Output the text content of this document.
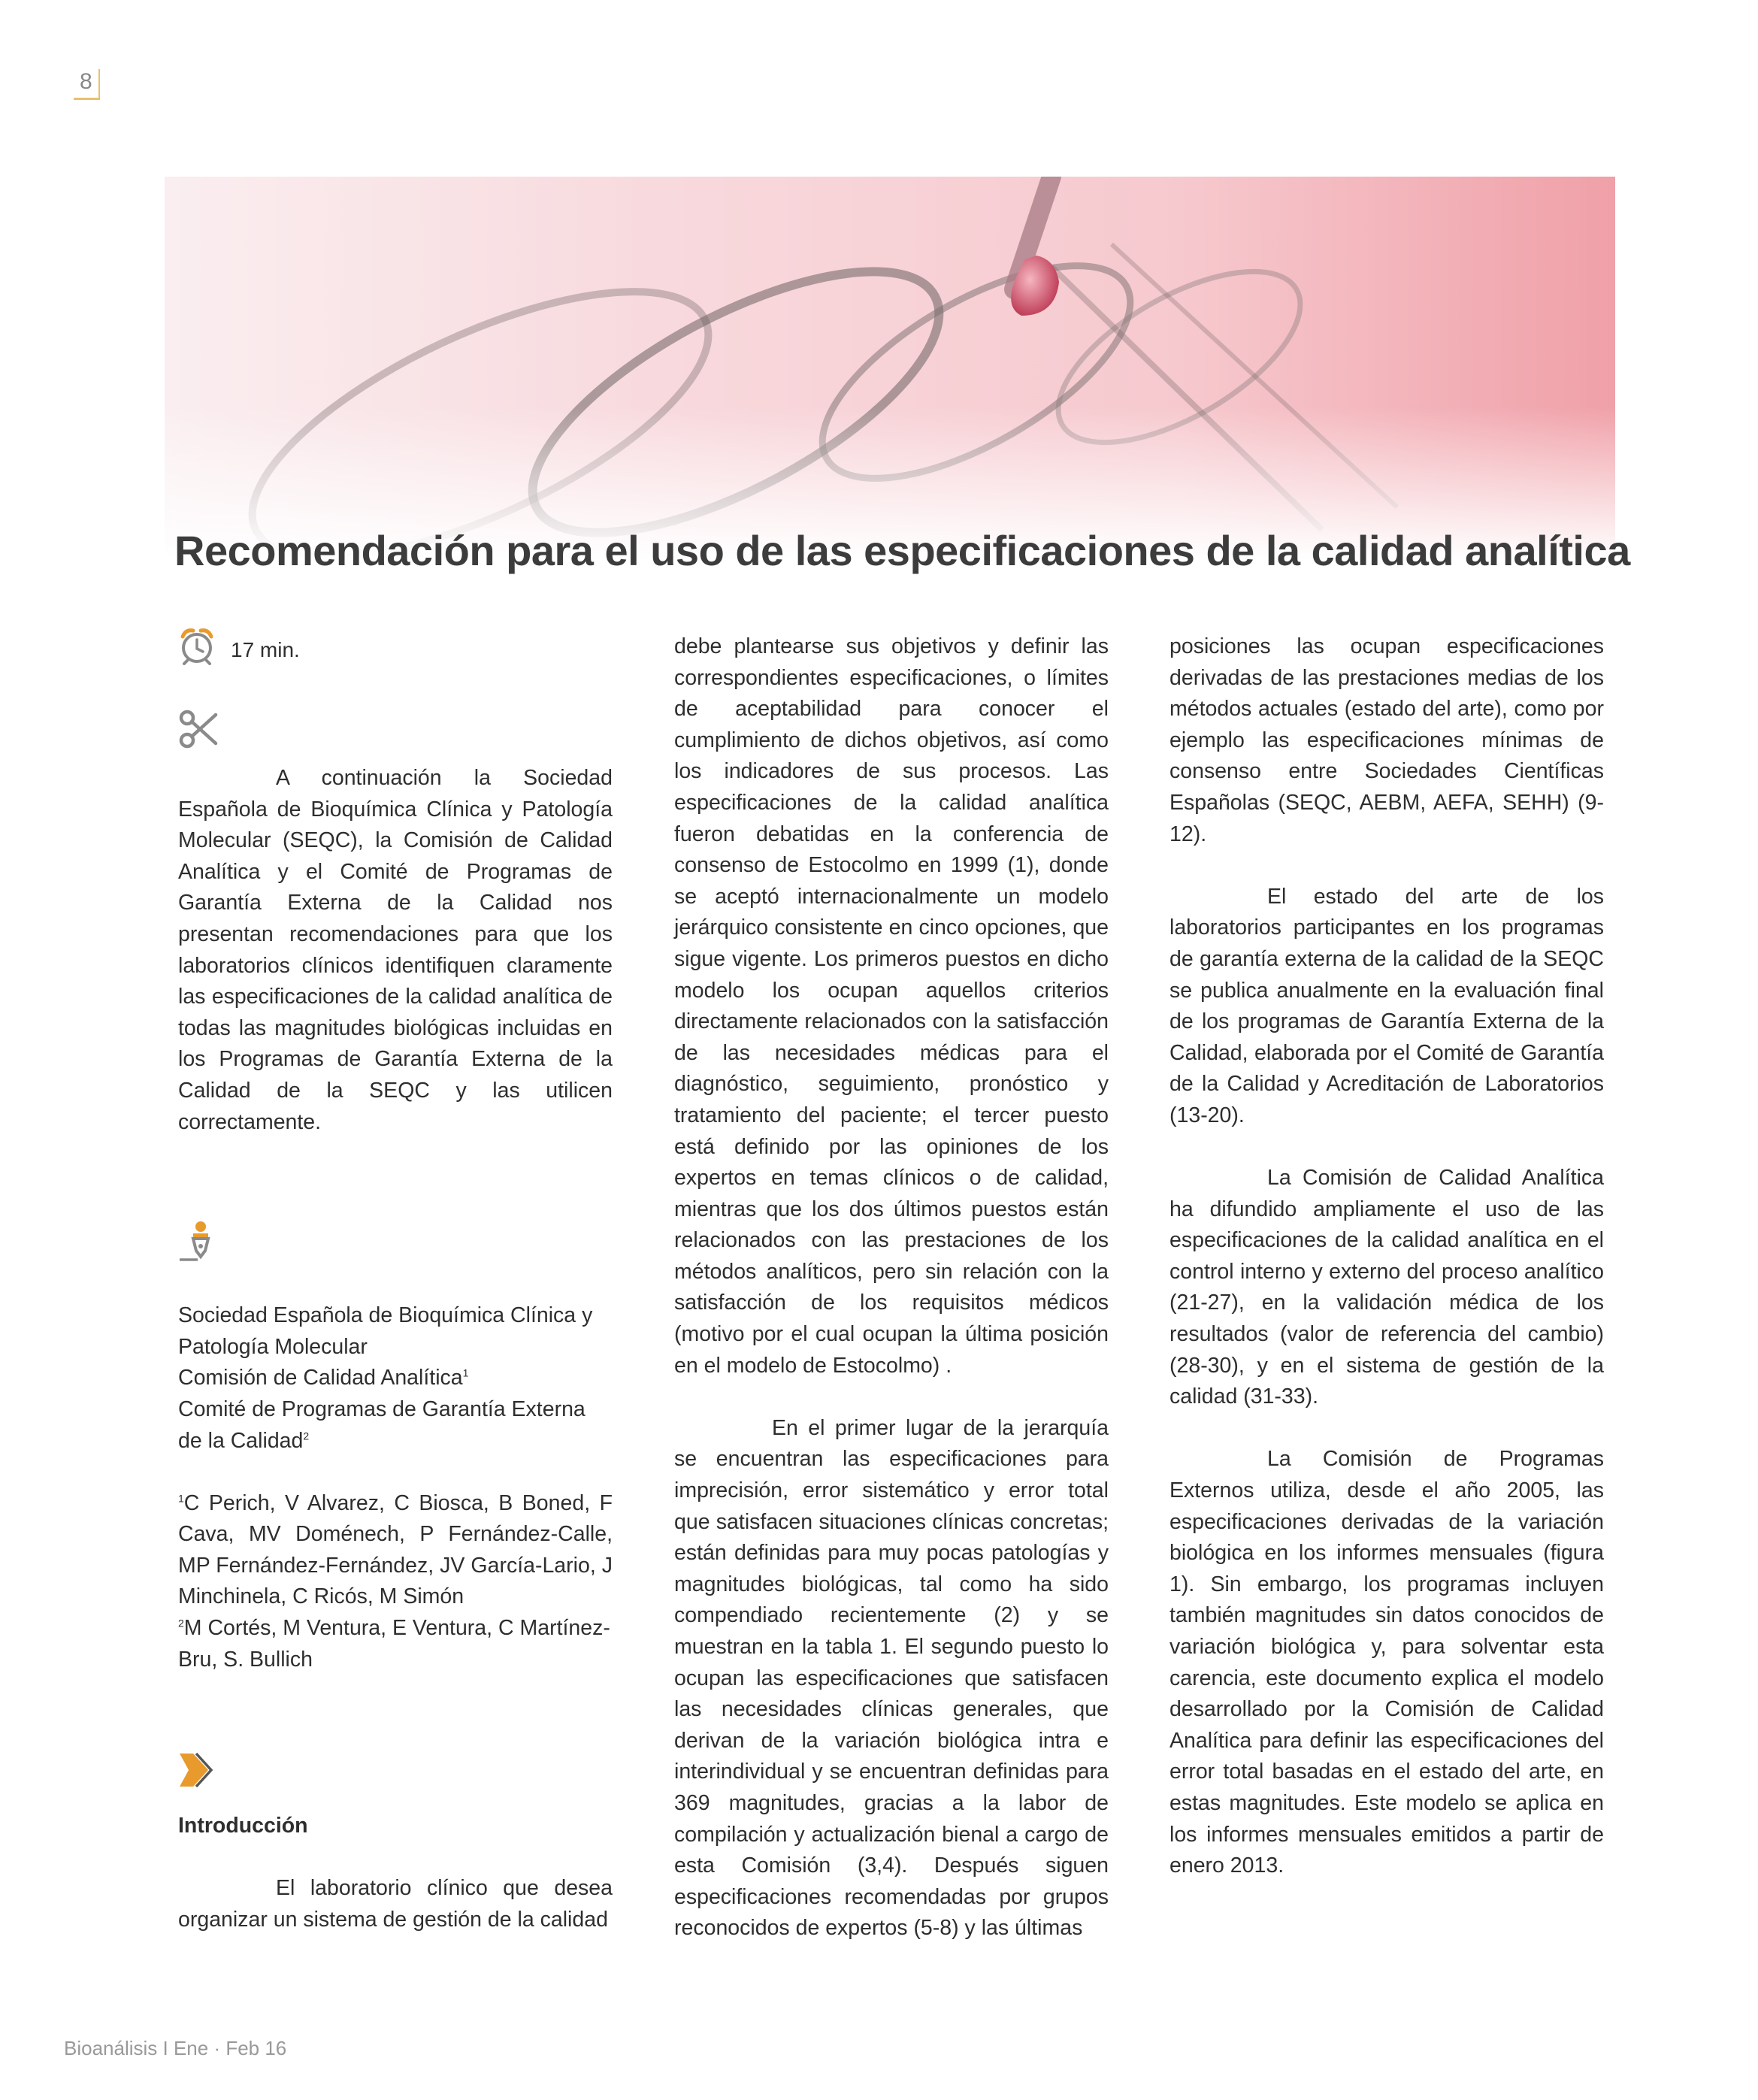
8
Recomendación para el uso de las especificaciones de la calidad analítica
17 min.

A continuación la Sociedad Española de Bioquímica Clínica y Patología Molecular (SEQC), la Comisión de Calidad Analítica y el Comité de Programas de Garantía Externa de la Calidad nos presentan recomendaciones para que los laboratorios clínicos identifiquen claramente las especificaciones de la calidad analítica de todas las magnitudes biológicas incluidas en los Programas de Garantía Externa de la Calidad de la SEQC y las utilicen correctamente.

Sociedad Española de Bioquímica Clínica y Patología Molecular

Comisión de Calidad Analítica$^1$

Comité de Programas de Garantía Externa de la Calidad$^2$

$^1$C Perich, V Alvarez, C Biosca, B Boned, F Cava, MV Doménech, P Fernández-Calle, MP Fernández-Fernández, JV García-Lario, J Minchinela, C Ricós, M Simón

$^2$M Cortés, M Ventura, E Ventura, C Martínez-Bru, S. Bullich

Introducción

El laboratorio clínico que desea organizar un sistema de gestión de la calidad

debe plantearse sus objetivos y definir las correspondientes especificaciones, o límites de aceptabilidad para conocer el cumplimiento de dichos objetivos, así como los indicadores de sus procesos. Las especificaciones de la calidad analítica fueron debatidas en la conferencia de consenso de Estocolmo en 1999 (1), donde se aceptó internacionalmente un modelo jerárquico consistente en cinco opciones, que sigue vigente. Los primeros puestos en dicho modelo los ocupan aquellos criterios directamente relacionados con la satisfacción de las necesidades médicas para el diagnóstico, seguimiento, pronóstico y tratamiento del paciente; el tercer puesto está definido por las opiniones de los expertos en temas clínicos o de calidad, mientras que los dos últimos puestos están relacionados con las prestaciones de los métodos analíticos, pero sin relación con la satisfacción de los requisitos médicos (motivo por el cual ocupan la última posición en el modelo de Estocolmo) .

En el primer lugar de la jerarquía se encuentran las especificaciones para imprecisión, error sistemático y error total que satisfacen situaciones clínicas concretas; están definidas para muy pocas patologías y magnitudes biológicas, tal como ha sido compendiado recientemente (2) y se muestran en la tabla 1. El segundo puesto lo ocupan las especificaciones que satisfacen las necesidades clínicas generales, que derivan de la variación biológica intra e interindividual y se encuentran definidas para 369 magnitudes, gracias a la labor de compilación y actualización bienal a cargo de esta Comisión (3,4). Después siguen especificaciones recomendadas por grupos reconocidos de expertos (5-8) y las últimas

posiciones las ocupan especificaciones derivadas de las prestaciones medias de los métodos actuales (estado del arte), como por ejemplo las especificaciones mínimas de consenso entre Sociedades Científicas Españolas (SEQC, AEBM, AEFA, SEHH) (9-12).

El estado del arte de los laboratorios participantes en los programas de garantía externa de la calidad de la SEQC se publica anualmente en la evaluación final de los programas de Garantía Externa de la Calidad, elaborada por el Comité de Garantía de la Calidad y Acreditación de Laboratorios (13-20).

La Comisión de Calidad Analítica ha difundido ampliamente el uso de las especificaciones de la calidad analítica en el control interno y externo del proceso analítico (21-27), en la validación médica de los resultados (valor de referencia del cambio) (28-30), y en el sistema de gestión de la calidad (31-33).

La Comisión de Programas Externos utiliza, desde el año 2005, las especificaciones derivadas de la variación biológica en los informes mensuales (figura 1). Sin embargo, los programas incluyen también magnitudes sin datos conocidos de variación biológica y, para solventar esta carencia, este documento explica el modelo desarrollado por la Comisión de Calidad Analítica para definir las especificaciones del error total basadas en el estado del arte, en estas magnitudes. Este modelo se aplica en los informes mensuales emitidos a partir de enero 2013.

Bioanálisis I Ene · Feb 16
